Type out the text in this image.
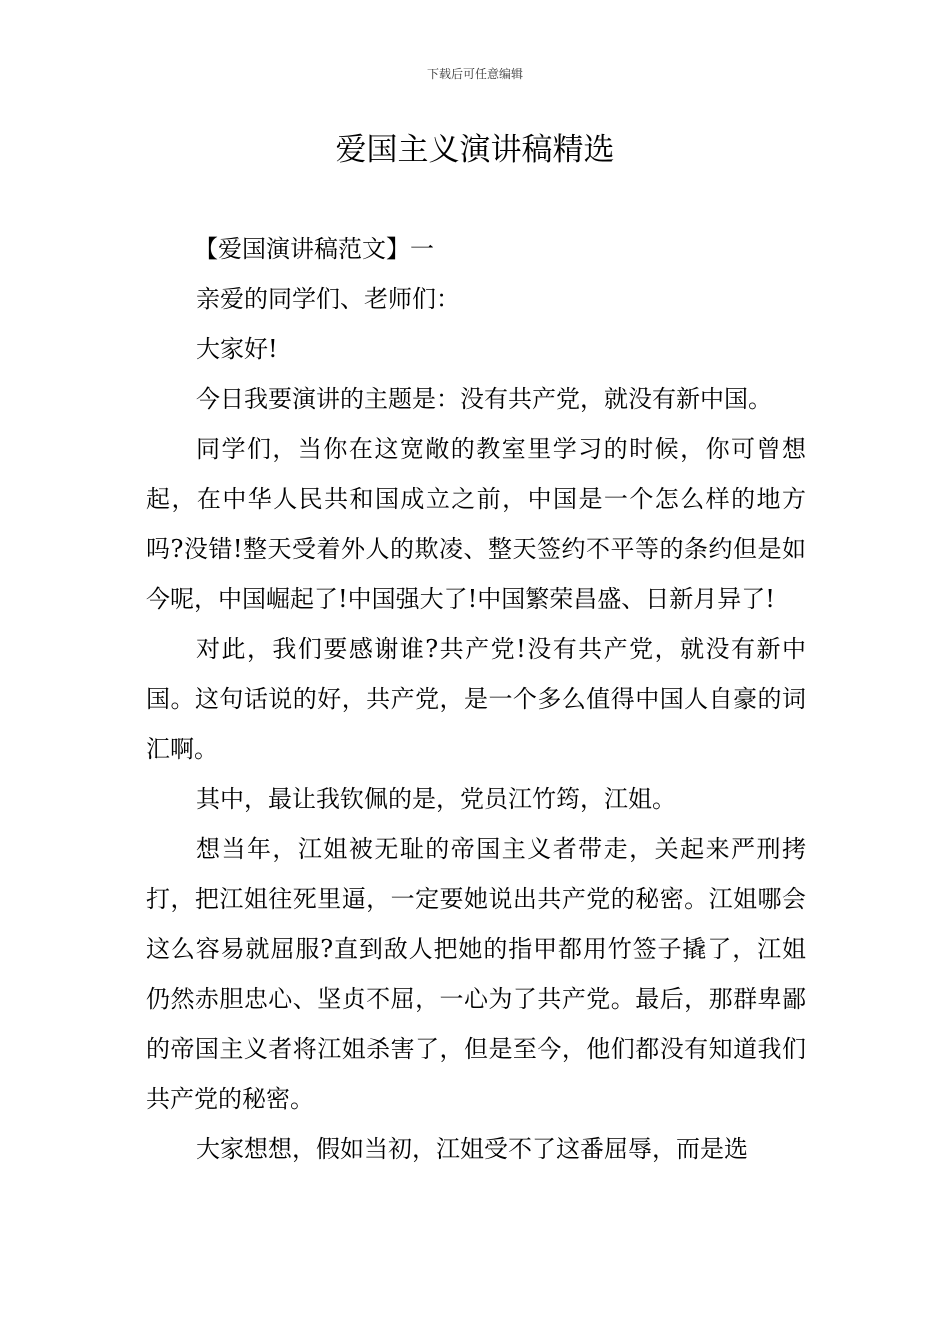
下载后可任意编辑
爱国主义演讲稿精选

【爱国演讲稿范文】一

亲爱的同学们、老师们：

大家好!

今日我要演讲的主题是：没有共产党，就没有新中国。

同学们，当你在这宽敞的教室里学习的时候，你可曾想起，在中华人民共和国成立之前，中国是一个怎么样的地方吗?没错!整天受着外人的欺凌、整天签约不平等的条约但是如今呢，中国崛起了!中国强大了!中国繁荣昌盛、日新月异了!

对此，我们要感谢谁?共产党!没有共产党，就没有新中国。这句话说的好，共产党，是一个多么值得中国人自豪的词汇啊。

其中，最让我钦佩的是，党员江竹筠，江姐。

想当年，江姐被无耻的帝国主义者带走，关起来严刑拷打，把江姐往死里逼，一定要她说出共产党的秘密。江姐哪会这么容易就屈服?直到敌人把她的指甲都用竹签子撬了，江姐仍然赤胆忠心、坚贞不屈，一心为了共产党。最后，那群卑鄙的帝国主义者将江姐杀害了，但是至今，他们都没有知道我们共产党的秘密。

大家想想，假如当初，江姐受不了这番屈辱，而是选
